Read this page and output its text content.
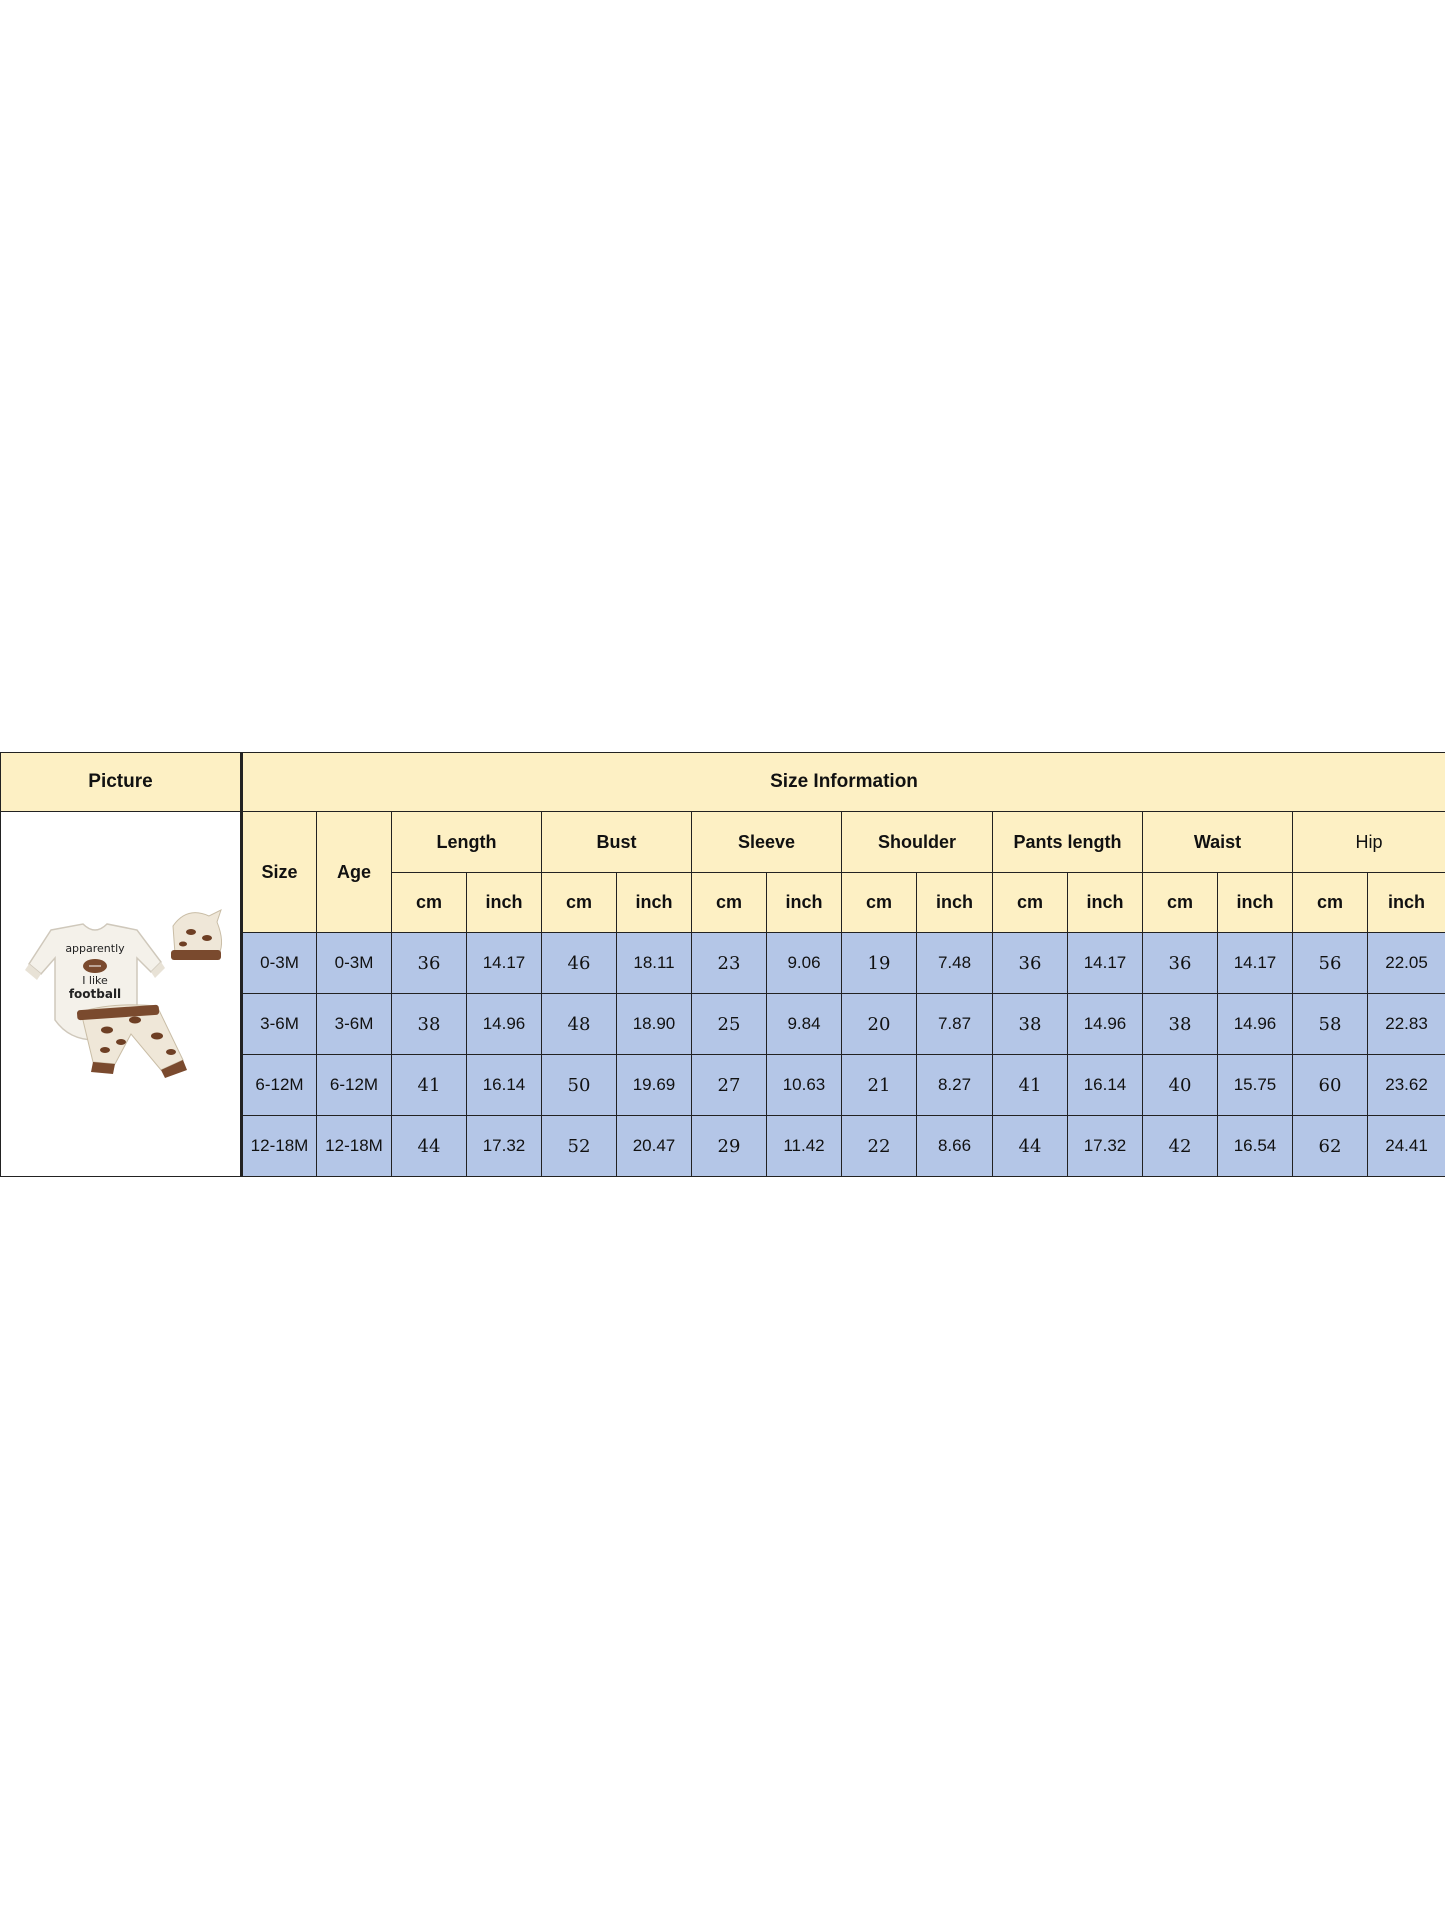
Picture	Size Information															

apparently
I like
football	Size	Age	Length		Bust		Sleeve		Shoulder		Pants length		Waist		Hip	
			cm	inch	cm	inch	cm	inch	cm	inch	cm	inch	cm	inch	cm	inch
	0-3M	0-3M	36	14.17	46	18.11	23	9.06	19	7.48	36	14.17	36	14.17	56	22.05
	3-6M	3-6M	38	14.96	48	18.90	25	9.84	20	7.87	38	14.96	38	14.96	58	22.83
	6-12M	6-12M	41	16.14	50	19.69	27	10.63	21	8.27	41	16.14	40	15.75	60	23.62
	12-18M	12-18M	44	17.32	52	20.47	29	11.42	22	8.66	44	17.32	42	16.54	62	24.41
